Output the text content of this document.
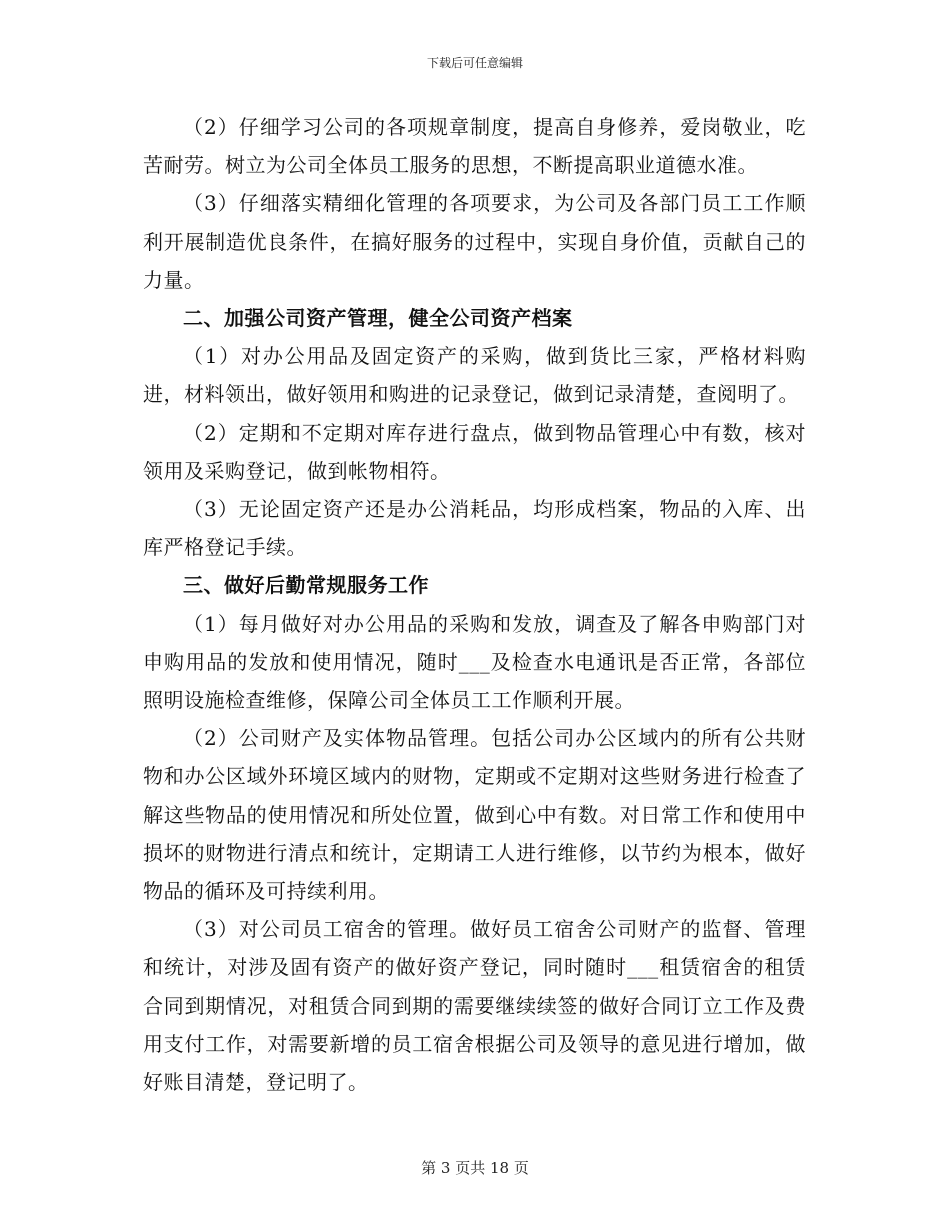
下载后可任意编辑

（2）仔细学习公司的各项规章制度，提高自身修养，爱岗敬业，吃苦耐劳。树立为公司全体员工服务的思想，不断提高职业道德水准。

（3）仔细落实精细化管理的各项要求，为公司及各部门员工工作顺利开展制造优良条件，在搞好服务的过程中，实现自身价值，贡献自己的力量。

二、加强公司资产管理，健全公司资产档案

（1）对办公用品及固定资产的采购，做到货比三家，严格材料购进，材料领出，做好领用和购进的记录登记，做到记录清楚，查阅明了。

（2）定期和不定期对库存进行盘点，做到物品管理心中有数，核对领用及采购登记，做到帐物相符。

（3）无论固定资产还是办公消耗品，均形成档案，物品的入库、出库严格登记手续。

三、做好后勤常规服务工作

（1）每月做好对办公用品的采购和发放，调查及了解各申购部门对申购用品的发放和使用情况，随时___及检查水电通讯是否正常，各部位照明设施检查维修，保障公司全体员工工作顺利开展。

（2）公司财产及实体物品管理。包括公司办公区域内的所有公共财物和办公区域外环境区域内的财物，定期或不定期对这些财务进行检查了解这些物品的使用情况和所处位置，做到心中有数。对日常工作和使用中损坏的财物进行清点和统计，定期请工人进行维修，以节约为根本，做好物品的循环及可持续利用。

（3）对公司员工宿舍的管理。做好员工宿舍公司财产的监督、管理和统计，对涉及固有资产的做好资产登记，同时随时___租赁宿舍的租赁合同到期情况，对租赁合同到期的需要继续续签的做好合同订立工作及费用支付工作，对需要新增的员工宿舍根据公司及领导的意见进行增加，做好账目清楚，登记明了。

第 3 页共 18 页
